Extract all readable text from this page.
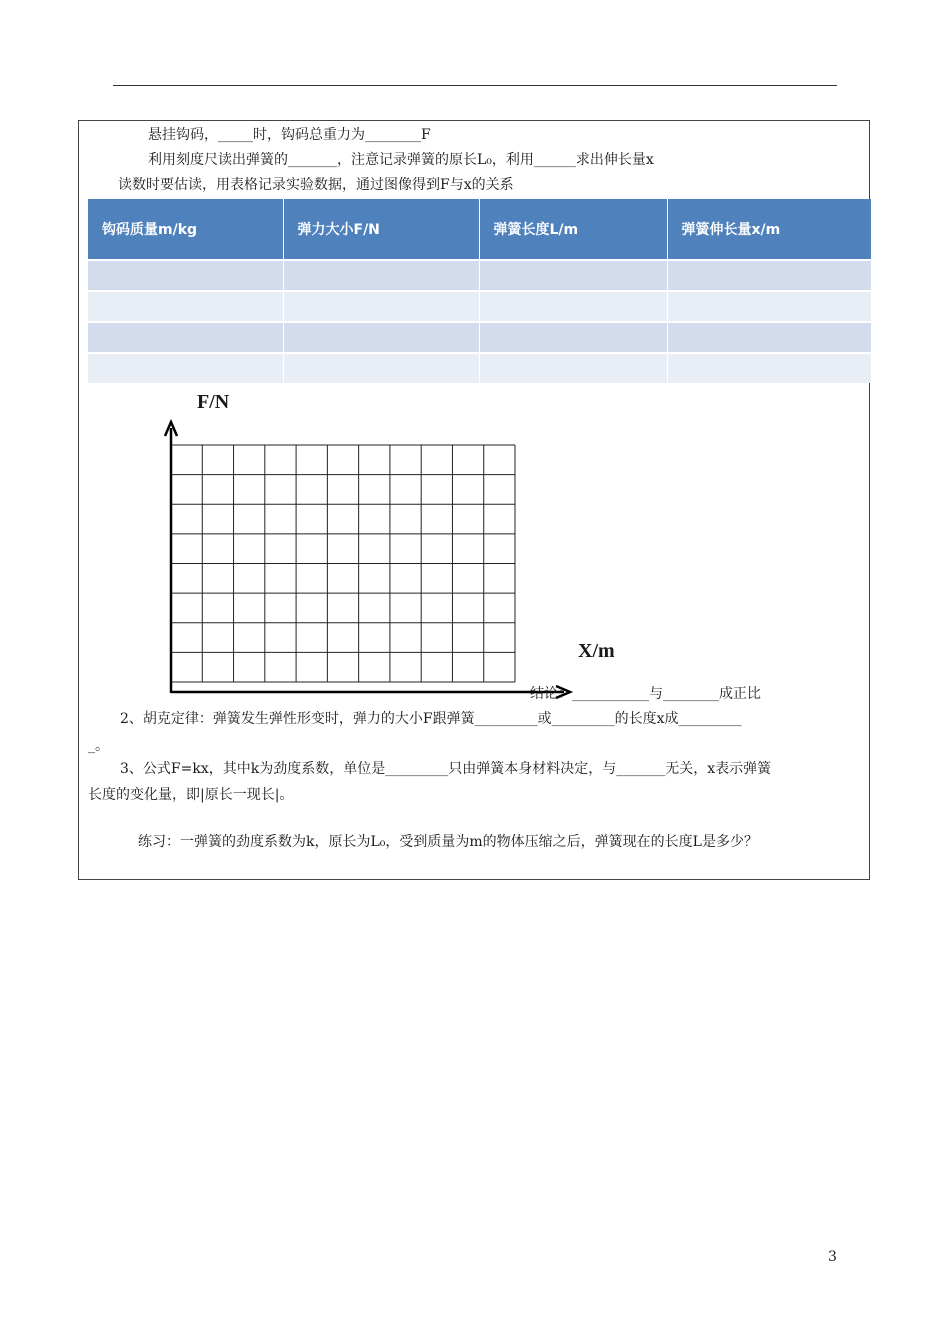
悬挂钩码，_____时，钩码总重力为________F
利用刻度尺读出弹簧的_______，注意记录弹簧的原长L₀，利用______求出伸长量x
读数时要估读，用表格记录实验数据，通过图像得到F与x的关系
钩码质量m/kg	弹力大小F/N	弹簧长度L/m	弹簧伸长量x/m

F/N
X/m
结论：___________与________成正比
2、胡克定律：弹簧发生弹性形变时，弹力的大小F跟弹簧_________或_________的长度x成_________
_。
3、公式F=kx，其中k为劲度系数，单位是_________只由弹簧本身材料决定，与_______无关，x表示弹簧
长度的变化量，即|原长一现长|。
练习：一弹簧的劲度系数为k，原长为L₀，受到质量为m的物体压缩之后，弹簧现在的长度L是多少？
3
